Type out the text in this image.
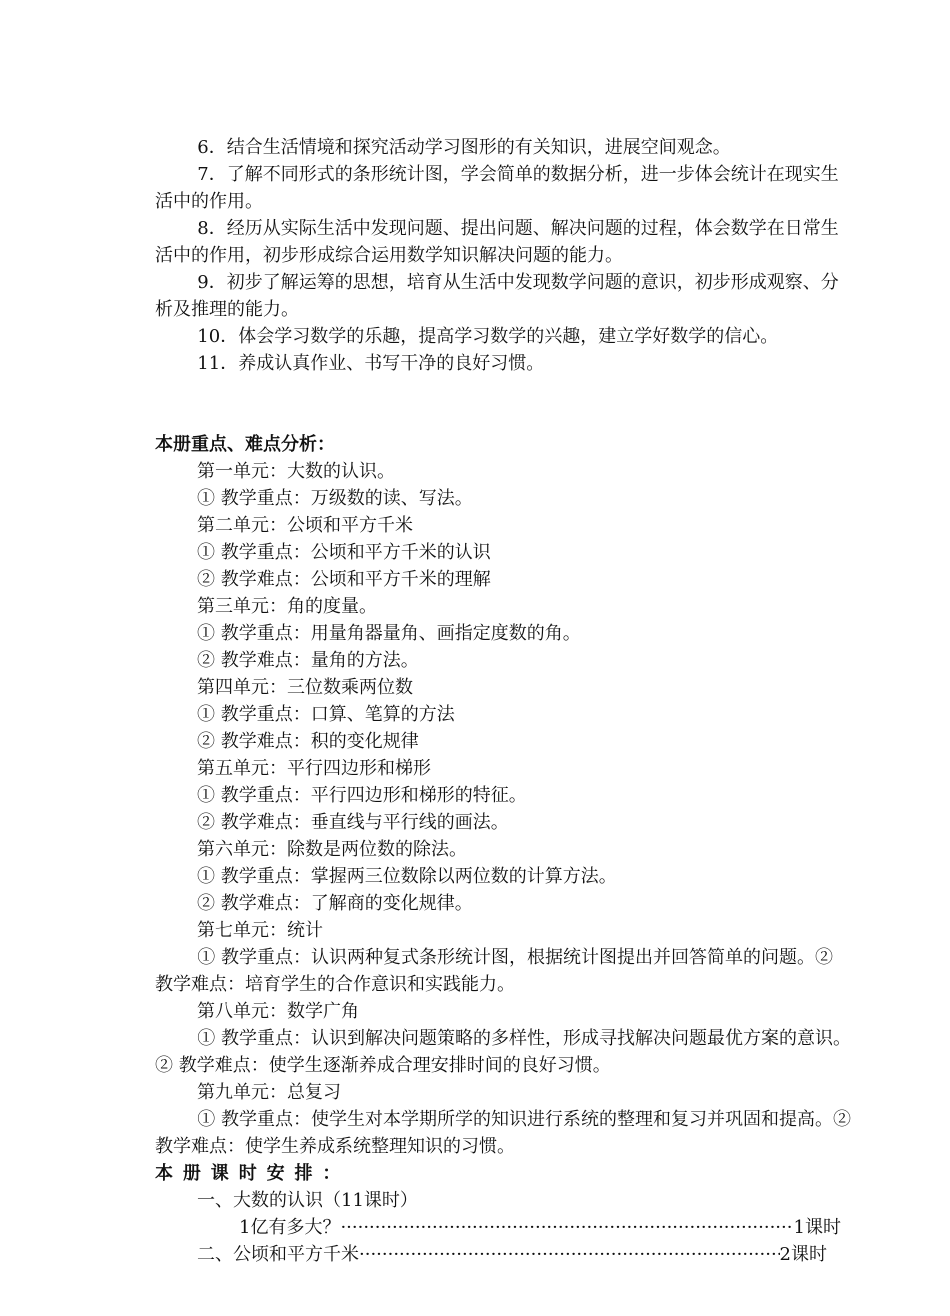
6．结合生活情境和探究活动学习图形的有关知识，进展空间观念。

7．了解不同形式的条形统计图，学会简单的数据分析，进一步体会统计在现实生活中的作用。

8．经历从实际生活中发现问题、提出问题、解决问题的过程，体会数学在日常生活中的作用，初步形成综合运用数学知识解决问题的能力。

9．初步了解运筹的思想，培育从生活中发现数学问题的意识，初步形成观察、分析及推理的能力。

10．体会学习数学的乐趣，提高学习数学的兴趣，建立学好数学的信心。

11．养成认真作业、书写干净的良好习惯。

本册重点、难点分析：

第一单元：大数的认识。

① 教学重点：万级数的读、写法。

第二单元：公顷和平方千米

① 教学重点：公顷和平方千米的认识

② 教学难点：公顷和平方千米的理解

第三单元：角的度量。

① 教学重点：用量角器量角、画指定度数的角。

② 教学难点：量角的方法。

第四单元：三位数乘两位数

① 教学重点：口算、笔算的方法

② 教学难点：积的变化规律

第五单元：平行四边形和梯形

① 教学重点：平行四边形和梯形的特征。

② 教学难点：垂直线与平行线的画法。

第六单元：除数是两位数的除法。

① 教学重点：掌握两三位数除以两位数的计算方法。

② 教学难点：了解商的变化规律。

第七单元：统计

① 教学重点：认识两种复式条形统计图，根据统计图提出并回答简单的问题。② 教学难点：培育学生的合作意识和实践能力。

第八单元：数学广角

① 教学重点：认识到解决问题策略的多样性，形成寻找解决问题最优方案的意识。② 教学难点：使学生逐渐养成合理安排时间的良好习惯。

第九单元：总复习

① 教学重点：使学生对本学期所学的知识进行系统的整理和复习并巩固和提高。② 教学难点：使学生养成系统整理知识的习惯。

本册课时安排：

一、大数的认识（11课时）

1亿有多大？ ·····	1课时
二、公顷和平方千米 ·····	2课时
